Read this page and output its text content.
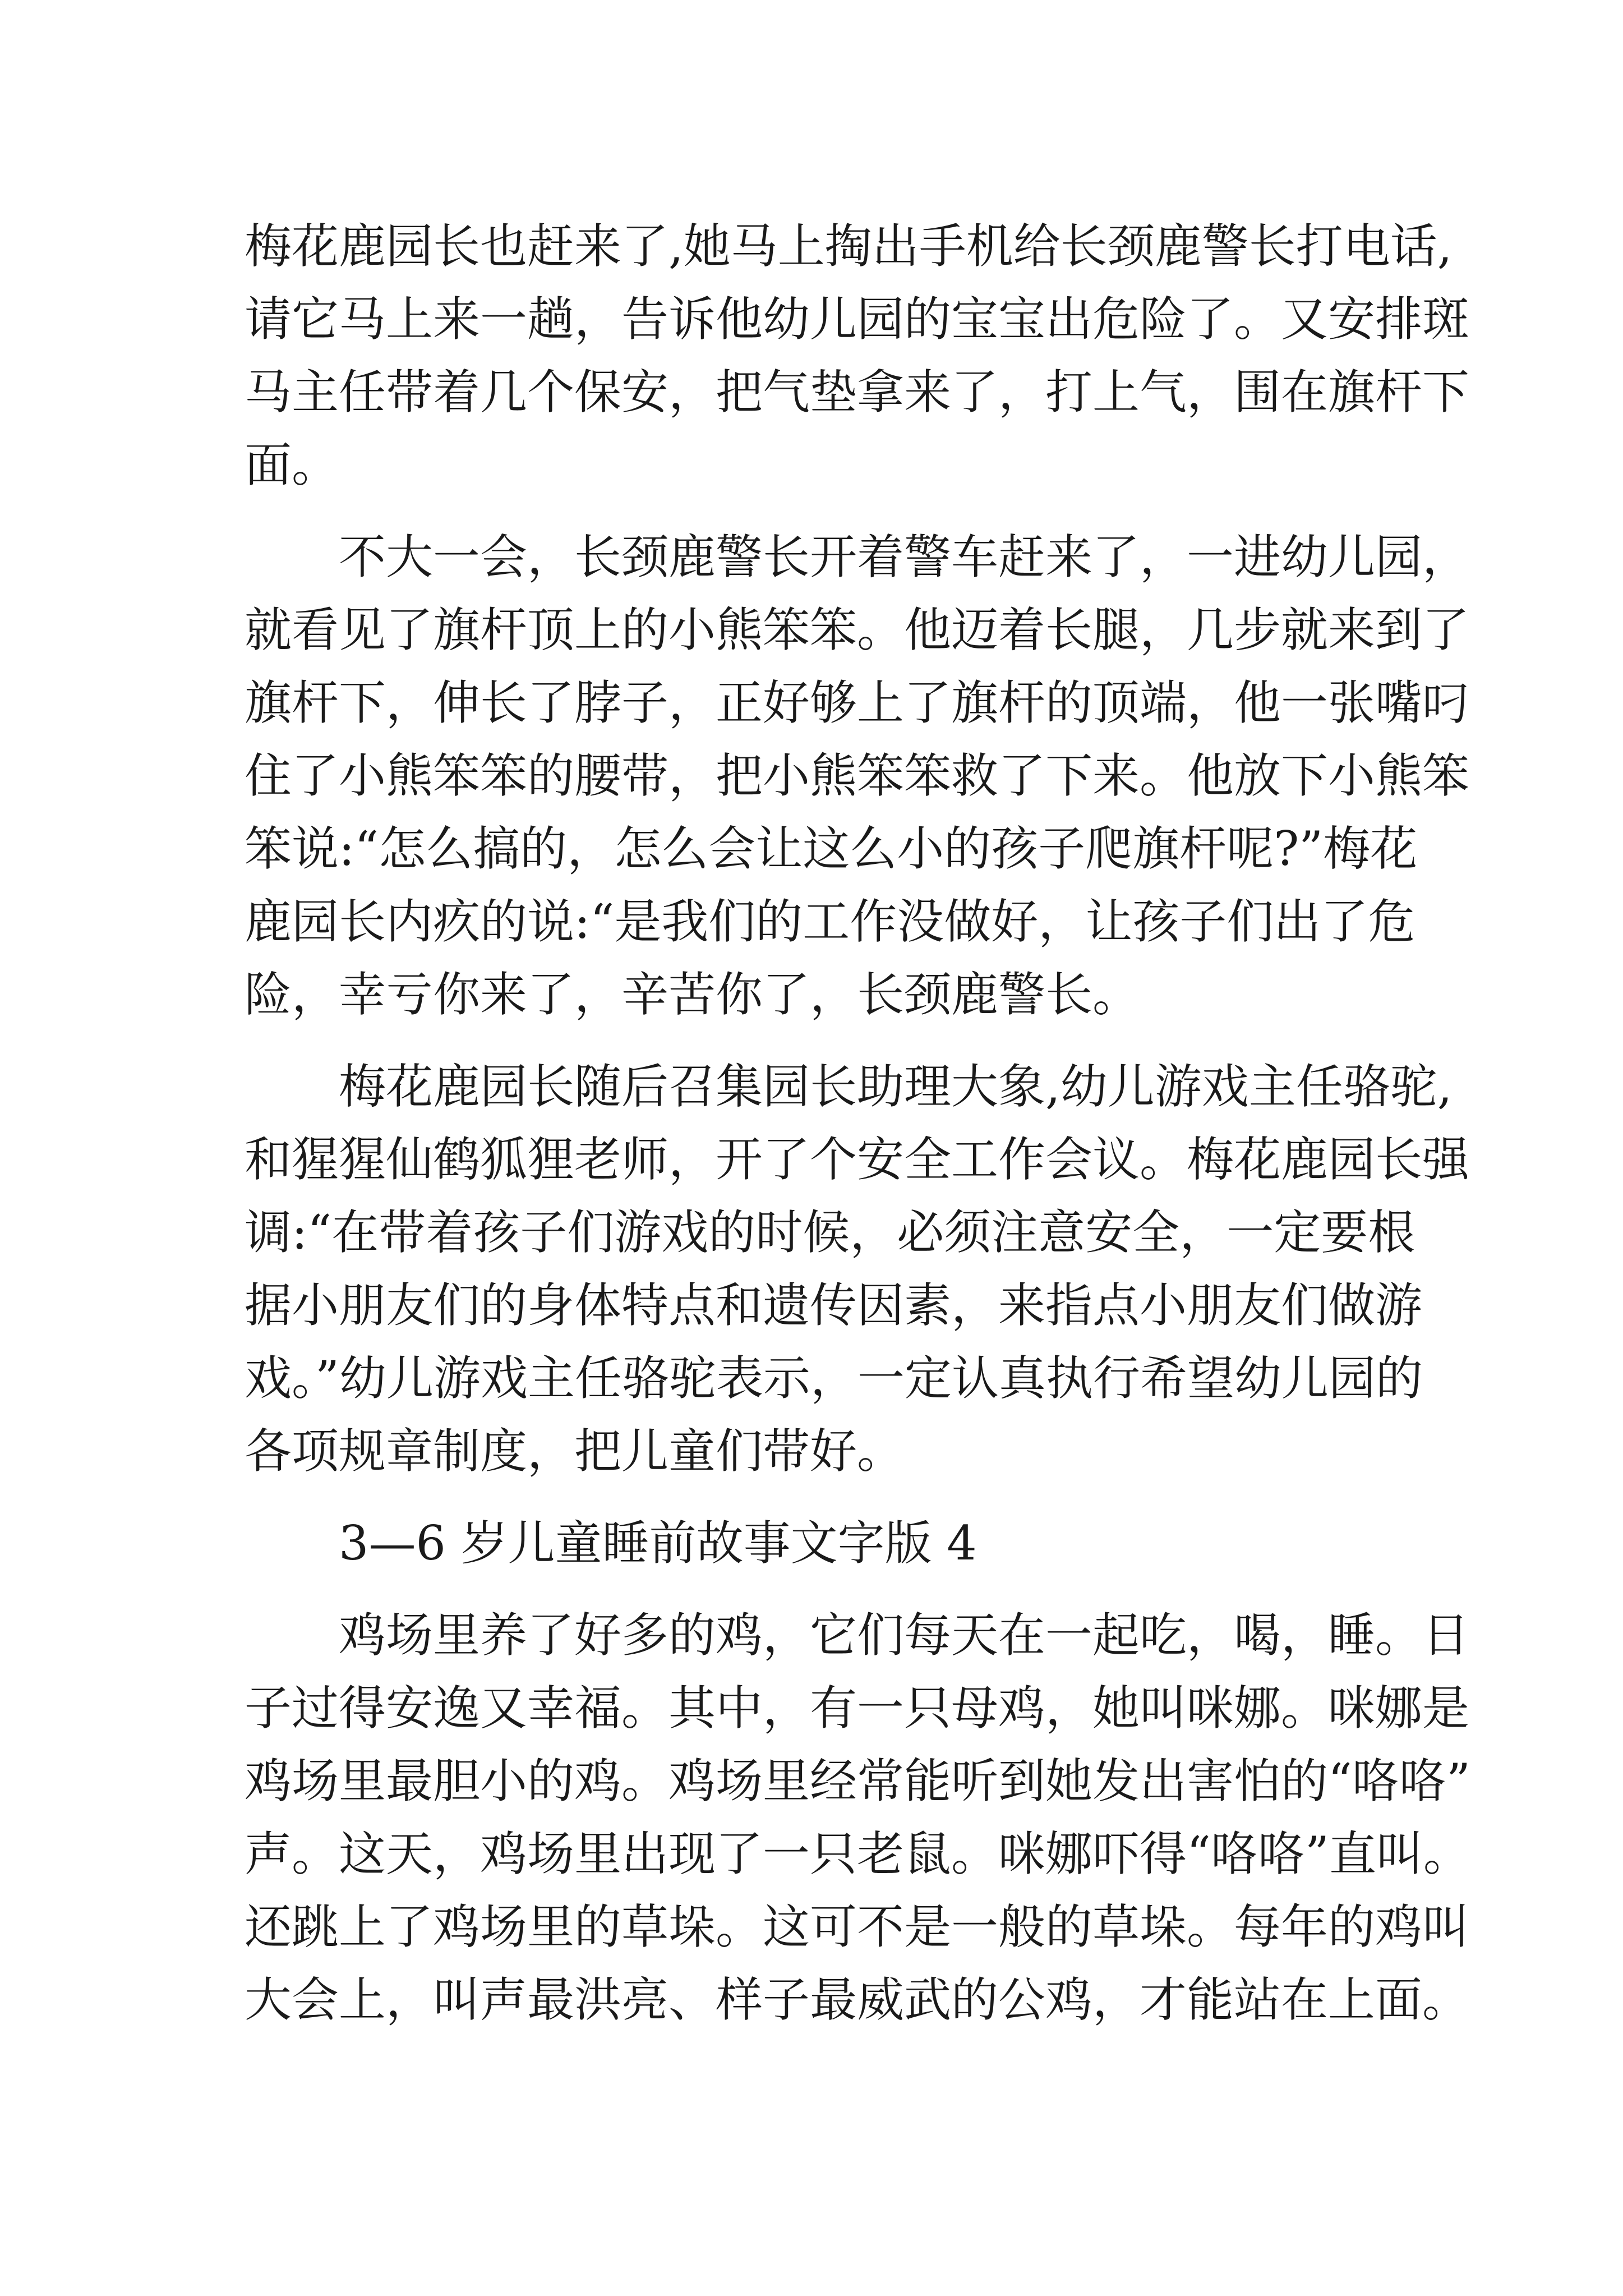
梅花鹿园长也赶来了,她马上掏出手机给长颈鹿警长打电话,
请它马上来一趟，告诉他幼儿园的宝宝出危险了。又安排斑
马主任带着几个保安，把气垫拿来了，打上气，围在旗杆下
面。
不大一会，长颈鹿警长开着警车赶来了，一进幼儿园，
就看见了旗杆顶上的小熊笨笨。他迈着长腿，几步就来到了
旗杆下，伸长了脖子，正好够上了旗杆的顶端，他一张嘴叼
住了小熊笨笨的腰带，把小熊笨笨救了下来。他放下小熊笨
笨说:“怎么搞的，怎么会让这么小的孩子爬旗杆呢?”梅花
鹿园长内疚的说:“是我们的工作没做好，让孩子们出了危
险，幸亏你来了，辛苦你了，长颈鹿警长。
梅花鹿园长随后召集园长助理大象,幼儿游戏主任骆驼,
和猩猩仙鹤狐狸老师，开了个安全工作会议。梅花鹿园长强
调:“在带着孩子们游戏的时候，必须注意安全，一定要根
据小朋友们的身体特点和遗传因素，来指点小朋友们做游
戏。”幼儿游戏主任骆驼表示，一定认真执行希望幼儿园的
各项规章制度，把儿童们带好。
3—6 岁儿童睡前故事文字版 4
鸡场里养了好多的鸡，它们每天在一起吃，喝，睡。日
子过得安逸又幸福。其中，有一只母鸡，她叫咪娜。咪娜是
鸡场里最胆小的鸡。鸡场里经常能听到她发出害怕的“咯咯”
声。这天，鸡场里出现了一只老鼠。咪娜吓得“咯咯”直叫。
还跳上了鸡场里的草垛。这可不是一般的草垛。每年的鸡叫
大会上，叫声最洪亮、样子最威武的公鸡，才能站在上面。
